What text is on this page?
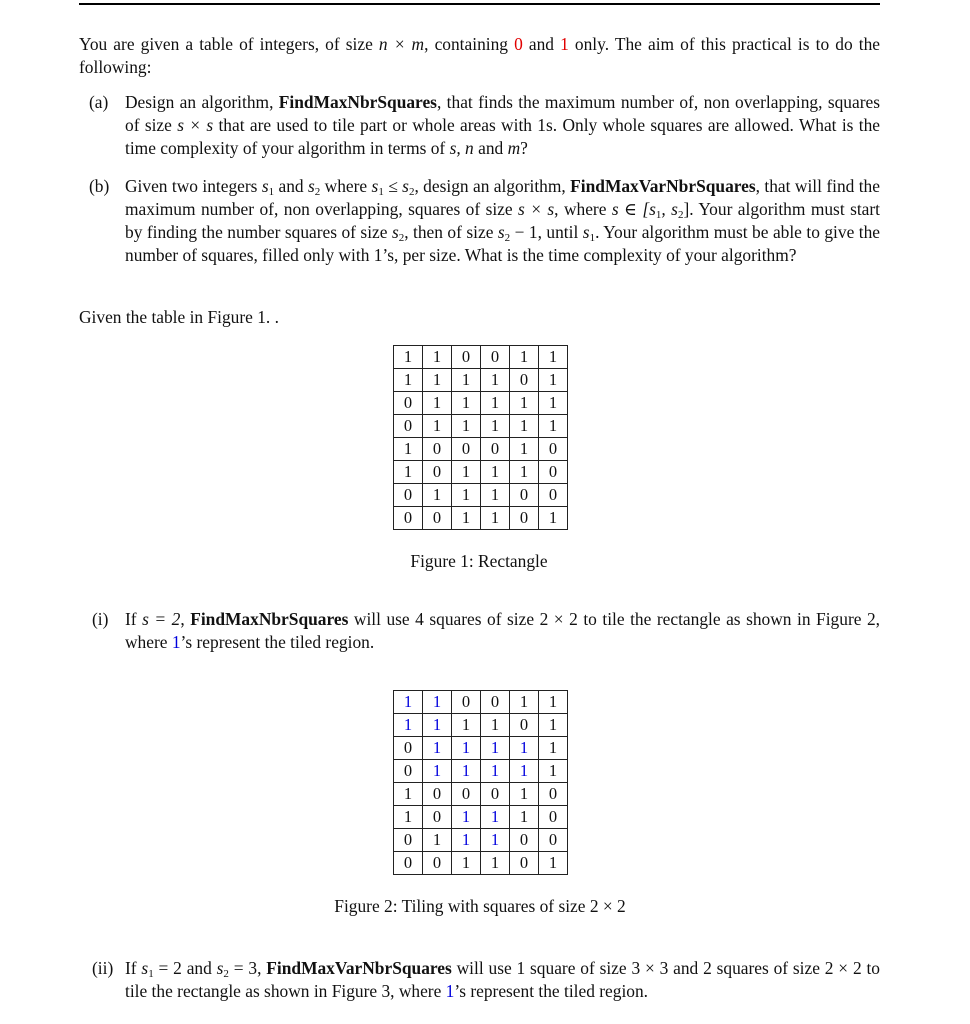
You are given a table of integers, of size n × m, containing 0 and 1 only. The aim of this practical is to do the following:
(a) Design an algorithm, FindMaxNbrSquares, that finds the maximum number of, non overlapping, squares of size s × s that are used to tile part or whole areas with 1s. Only whole squares are allowed. What is the time complexity of your algorithm in terms of s, n and m?
(b) Given two integers $s_1$ and $s_2$ where $s_1 \le s_2$, design an algorithm, FindMaxVarNbrSquares, that will find the maximum number of, non overlapping, squares of size s × s, where s ∈ [$s_1$, $s_2$]. Your algorithm must start by finding the number squares of size $s_2$, then of size $s_2 - 1$, until $s_1$. Your algorithm must be able to give the number of squares, filled only with 1’s, per size. What is the time complexity of your algorithm?
Given the table in Figure 1. .
1	1	0	0	1	1
1	1	1	1	0	1
0	1	1	1	1	1
0	1	1	1	1	1
1	0	0	0	1	0
1	0	1	1	1	0
0	1	1	1	0	0
0	0	1	1	0	1
Figure 1: Rectangle
(i) If s = 2, FindMaxNbrSquares will use 4 squares of size 2 × 2 to tile the rectangle as shown in Figure 2, where 1’s represent the tiled region.
1	1	0	0	1	1
1	1	1	1	0	1
0	1	1	1	1	1
0	1	1	1	1	1
1	0	0	0	1	0
1	0	1	1	1	0
0	1	1	1	0	0
0	0	1	1	0	1
Figure 2: Tiling with squares of size 2 × 2
(ii) If $s_1 = 2$ and $s_2 = 3$, FindMaxVarNbrSquares will use 1 square of size 3 × 3 and 2 squares of size 2 × 2 to tile the rectangle as shown in Figure 3, where 1’s represent the tiled region.
